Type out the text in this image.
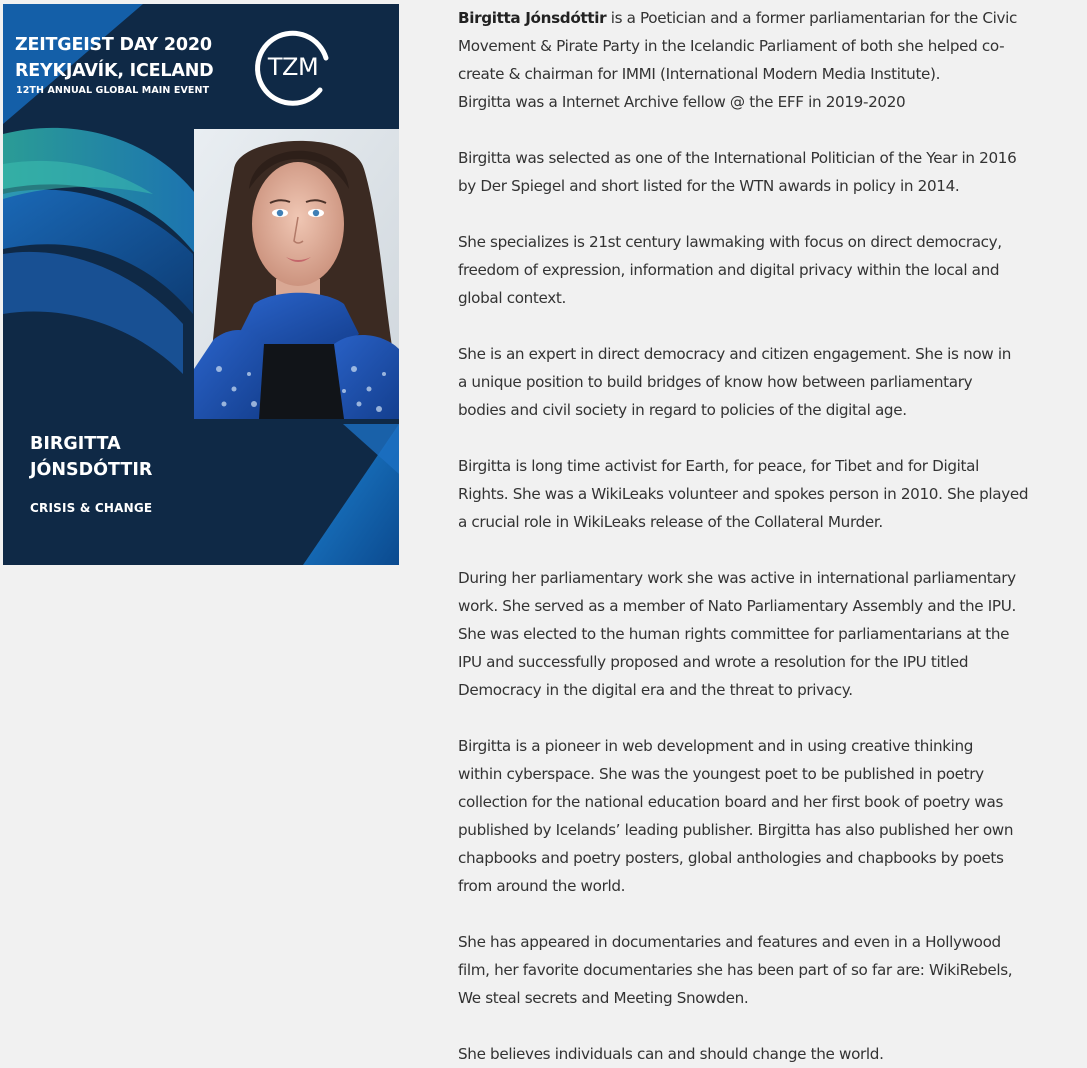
ZEITGEIST DAY 2020
REYKJAVÍK, ICELAND
12TH ANNUAL GLOBAL MAIN EVENT
TZM
BIRGITTA
JÓNSDÓTTIR
CRISIS & CHANGE

Birgitta Jónsdóttir is a Poetician and a former parliamentarian for the Civic
Movement & Pirate Party in the Icelandic Parliament of both she helped co-
create & chairman for IMMI (International Modern Media Institute).
Birgitta was a Internet Archive fellow @ the EFF in 2019-2020

Birgitta was selected as one of the International Politician of the Year in 2016
by Der Spiegel and short listed for the WTN awards in policy in 2014.

She specializes is 21st century lawmaking with focus on direct democracy,
freedom of expression, information and digital privacy within the local and
global context.

She is an expert in direct democracy and citizen engagement. She is now in
a unique position to build bridges of know how between parliamentary
bodies and civil society in regard to policies of the digital age.

Birgitta is long time activist for Earth, for peace, for Tibet and for Digital
Rights. She was a WikiLeaks volunteer and spokes person in 2010. She played
a crucial role in WikiLeaks release of the Collateral Murder.

During her parliamentary work she was active in international parliamentary
work. She served as a member of Nato Parliamentary Assembly and the IPU.
She was elected to the human rights committee for parliamentarians at the
IPU and successfully proposed and wrote a resolution for the IPU titled
Democracy in the digital era and the threat to privacy.

Birgitta is a pioneer in web development and in using creative thinking
within cyberspace. She was the youngest poet to be published in poetry
collection for the national education board and her first book of poetry was
published by Icelands’ leading publisher. Birgitta has also published her own
chapbooks and poetry posters, global anthologies and chapbooks by poets
from around the world.

She has appeared in documentaries and features and even in a Hollywood
film, her favorite documentaries she has been part of so far are: WikiRebels,
We steal secrets and Meeting Snowden.

She believes individuals can and should change the world.
